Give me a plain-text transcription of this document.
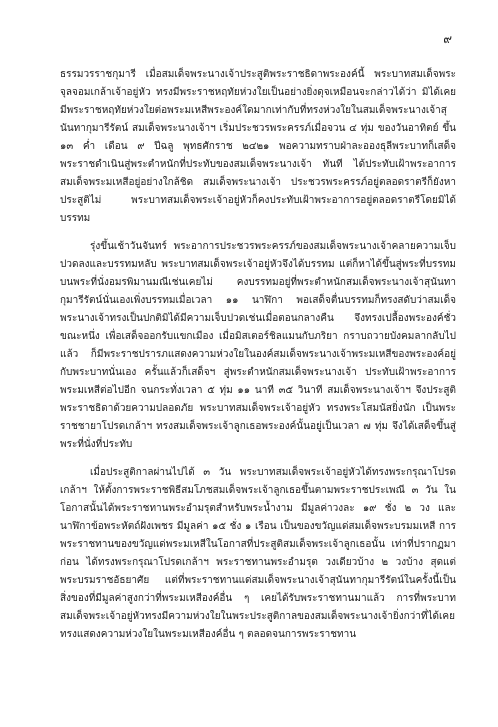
๙

ธรรมวรราชกุมารี เมื่อสมเด็จพระนางเจ้าประสูติพระราชธิดาพระองค์นี้ พระบาทสมเด็จพระจุลจอมเกล้าเจ้าอยู่หัว ทรงมีพระราชหฤทัยห่วงใยเป็นอย่างยิ่งดุจเหมือนจะกล่าวได้ว่า มิได้เคยมีพระราชหฤทัยห่วงใยต่อพระมเหสีพระองค์ใดมากเท่ากับที่ทรงห่วงใยในสมเด็จพระนางเจ้าสุนันทากุมารีรัตน์ สมเด็จพระนางเจ้าฯ เริ่มประชวรพระครรภ์เมื่อจวน ๔ ทุ่ม ของวันอาทิตย์ ขึ้น ๑๓ ค่ำ เดือน ๙ ปีฉลู พุทธศักราช ๒๔๒๑ พอความทราบฝ่าละอองธุลีพระบาทก็เสด็จพระราชดำเนินสู่พระตำหนักที่ประทับของสมเด็จพระนางเจ้า ทันที ได้ประทับเฝ้าพระอาการสมเด็จพระมเหสีอยู่อย่างใกล้ชิด สมเด็จพระนางเจ้า ประชวรพระครรภ์อยู่ตลอดราตรีก็ยังหาประสูติไม่ พระบาทสมเด็จพระเจ้าอยู่หัวก็คงประทับเฝ้าพระอาการอยู่ตลอดราตรีโดยมิได้บรรทม

รุ่งขึ้นเช้าวันจันทร์ พระอาการประชวรพระครรภ์ของสมเด็จพระนางเจ้าคลายความเจ็บปวดลงและบรรทมหลับ พระบาทสมเด็จพระเจ้าอยู่หัวจึงได้บรรทม แต่ก็หาได้ขึ้นสู่พระที่บรรทมบนพระที่นั่งอมรพิมานมณีเช่นเคยไม่ คงบรรทมอยู่ที่พระตำหนักสมเด็จพระนางเจ้าสุนันทากุมารีรัตน์นั่นเองเพิ่งบรรทมเมื่อเวลา ๑๑ นาฬิกา พอเสด็จตื่นบรรทมก็ทรงสดับว่าสมเด็จพระนางเจ้าทรงเป็นปกติมิได้มีความเจ็บปวดเช่นเมื่อตอนกลางคืน จึงทรงเปลื้องพระองค์ชั่วขณะหนึ่ง เพื่อเสด็จออกรับแขกเมือง เมื่อมิสเตอร์ชิลแมนกับภริยา กราบถวายบังคมลากลับไปแล้ว ก็มีพระราชปรารภแสดงความห่วงใยในองค์สมเด็จพระนางเจ้าพระมเหสีของพระองค์อยู่กับพระบาทนั่นเอง ครั้นแล้วก็เสด็จฯ สู่พระตำหนักสมเด็จพระนางเจ้า ประทับเฝ้าพระอาการพระมเหสีต่อไปอีก จนกระทั่งเวลา ๕ ทุ่ม ๑๑ นาที ๓๕ วินาที สมเด็จพระนางเจ้าฯ จึงประสูติพระราชธิดาด้วยความปลอดภัย พระบาทสมเด็จพระเจ้าอยู่หัว ทรงพระโสมนัสยิ่งนัก เป็นพระราชชายาโปรดเกล้าฯ ทรงสมเด็จพระเจ้าลูกเธอพระองค์นั้นอยู่เป็นเวลา ๗ ทุ่ม จึงได้เสด็จขึ้นสู่พระที่นั่งที่ประทับ

เมื่อประสูติกาลผ่านไปได้ ๓ วัน พระบาทสมเด็จพระเจ้าอยู่หัวได้ทรงพระกรุณาโปรดเกล้าฯ ให้ตั้งการพระราชพิธีสมโภชสมเด็จพระเจ้าลูกเธอขึ้นตามพระราชประเพณี ๓ วัน ในโอกาสนั้นได้พระราชทานพระอำมรุตสำหรับพระน้ำงาม มีมูลค่าวงละ ๑๙ ชั่ง ๒ วง และนาฬิกาข้อพระหัตถ์ฝังเพชร มีมูลค่า ๑๕ ชั่ง ๑ เรือน เป็นของขวัญแด่สมเด็จพระบรมมเหสี การพระราชทานของขวัญแด่พระมเหสีในโอกาสที่ประสูติสมเด็จพระเจ้าลูกเธอนั้น เท่าที่ปรากฏมาก่อน ได้ทรงพระกรุณาโปรดเกล้าฯ พระราชทานพระอำมรุต วงเดียวบ้าง ๒ วงบ้าง สุดแต่พระบรมราชอัธยาศัย แต่ที่พระราชทานแด่สมเด็จพระนางเจ้าสุนันทากุมารีรัตน์ในครั้งนี้เป็นสิ่งของที่มีมูลค่าสูงกว่าที่พระมเหสีองค์อื่น ๆ เคยได้รับพระราชทานมาแล้ว การที่พระบาทสมเด็จพระเจ้าอยู่หัวทรงมีความห่วงใยในพระประสูติกาลของสมเด็จพระนางเจ้ายิ่งกว่าที่ได้เคยทรงแสดงความห่วงใยในพระมเหสีองค์อื่น ๆ ตลอดจนการพระราชทาน
